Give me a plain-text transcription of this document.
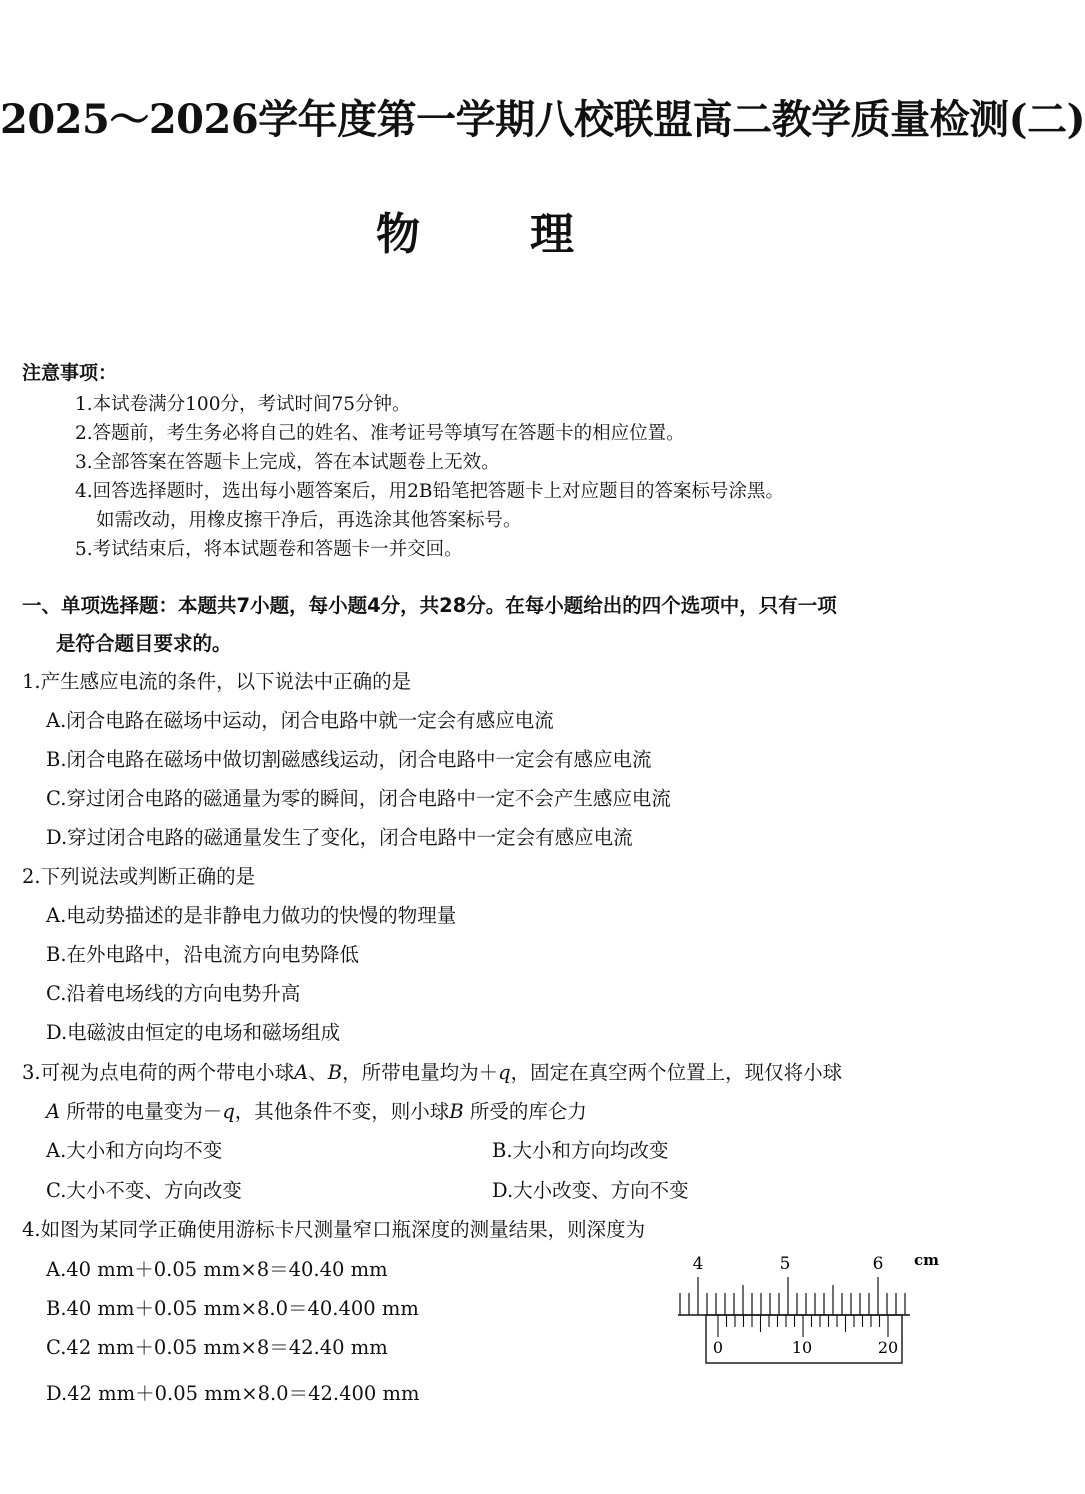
2025～2026学年度第一学期八校联盟高二教学质量检测(二)
物理
注意事项：
1.本试卷满分100分，考试时间75分钟。
2.答题前，考生务必将自己的姓名、准考证号等填写在答题卡的相应位置。
3.全部答案在答题卡上完成，答在本试题卷上无效。
4.回答选择题时，选出每小题答案后，用2B铅笔把答题卡上对应题目的答案标号涂黑。
如需改动，用橡皮擦干净后，再选涂其他答案标号。
5.考试结束后，将本试题卷和答题卡一并交回。
一、单项选择题：本题共7小题，每小题4分，共28分。在每小题给出的四个选项中，只有一项
是符合题目要求的。
1.产生感应电流的条件，以下说法中正确的是
A.闭合电路在磁场中运动，闭合电路中就一定会有感应电流
B.闭合电路在磁场中做切割磁感线运动，闭合电路中一定会有感应电流
C.穿过闭合电路的磁通量为零的瞬间，闭合电路中一定不会产生感应电流
D.穿过闭合电路的磁通量发生了变化，闭合电路中一定会有感应电流
2.下列说法或判断正确的是
A.电动势描述的是非静电力做功的快慢的物理量
B.在外电路中，沿电流方向电势降低
C.沿着电场线的方向电势升高
D.电磁波由恒定的电场和磁场组成
3.可视为点电荷的两个带电小球A、B，所带电量均为＋q，固定在真空两个位置上，现仅将小球
A 所带的电量变为－q，其他条件不变，则小球B 所受的库仑力
A.大小和方向均不变	B.大小和方向均改变
C.大小不变、方向改变	D.大小改变、方向不变
4.如图为某同学正确使用游标卡尺测量窄口瓶深度的测量结果，则深度为
A.40 mm＋0.05 mm×8＝40.40 mm
B.40 mm＋0.05 mm×8.0＝40.400 mm
C.42 mm＋0.05 mm×8＝42.40 mm
D.42 mm＋0.05 mm×8.0＝42.400 mm
4	5	6 cm
0	10	20
